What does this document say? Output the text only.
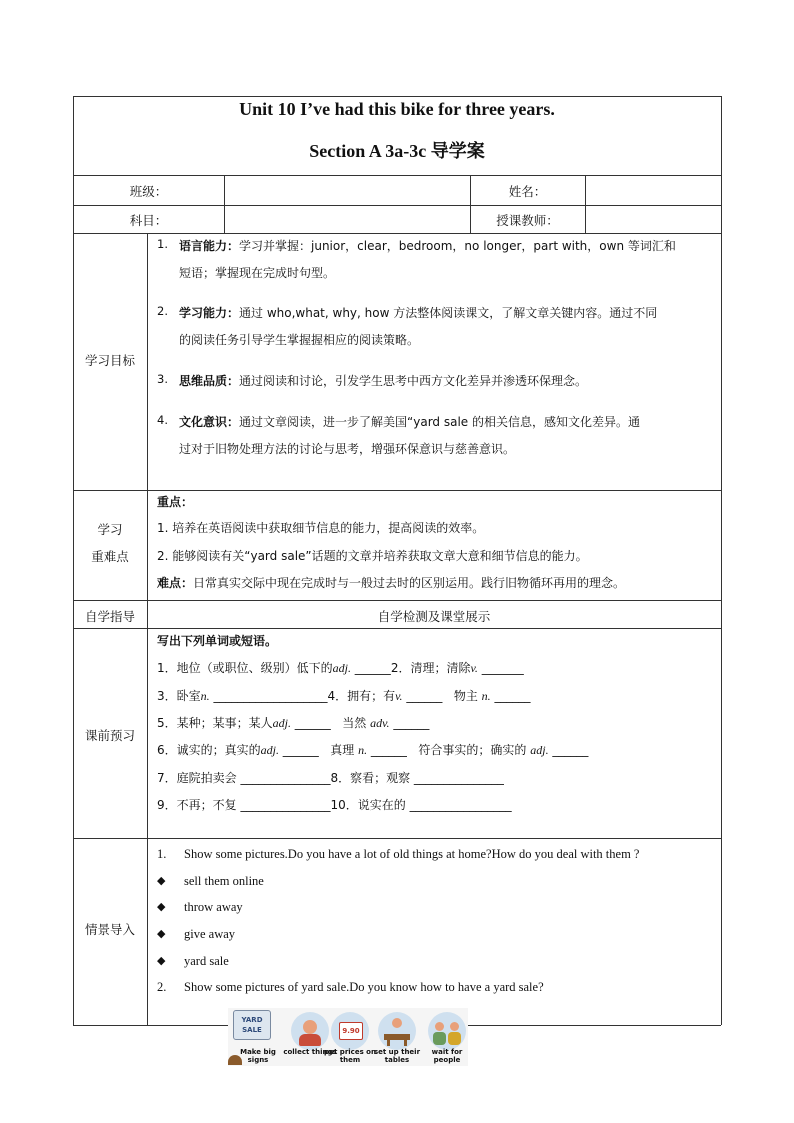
Unit 10 I’ve had this bike for three years.
Section A 3a-3c 导学案
班级：	姓名：
科目：	授课教师：
学习目标
1. 语言能力：学习并掌握：junior，clear，bedroom，no longer，part with，own 等词汇和
短语；掌握现在完成时句型。
2. 学习能力：通过 who,what, why, how 方法整体阅读课文，了解文章关键内容。通过不同
的阅读任务引导学生掌握握相应的阅读策略。
3. 思维品质：通过阅读和讨论，引发学生思考中西方文化差异并渗透环保理念。
4. 文化意识：通过文章阅读，进一步了解美国“yard sale 的相关信息，感知文化差异。通
过对于旧物处理方法的讨论与思考，增强环保意识与慈善意识。
学习
重难点
重点：
1. 培养在英语阅读中获取细节信息的能力，提高阅读的效率。
2. 能够阅读有关“yard sale”话题的文章并培养获取文章大意和细节信息的能力。
难点：日常真实交际中现在完成时与一般过去时的区别运用。践行旧物循环再用的理念。
自学指导	自学检测及课堂展示
课前预习
写出下列单词或短语。
1．地位（或职位、级别）低下的adj. ______2．清理；清除v. _______
3．卧室n. ___________________4．拥有；有v. ______ 物主 n. ______
5．某种；某事；某人adj. ______ 当然 adv. ______
6．诚实的；真实的adj. ______ 真理 n. ______ 符合事实的；确实的 adj. ______
7．庭院拍卖会 _______________8．察看；观察 _______________
9．不再；不复 _______________10．说实在的 _________________
情景导入
1. Show some pictures.Do you have a lot of old things at home?How do you deal with them ?
◆ sell them online
◆ throw away
◆ give away
◆ yard sale
2. Show some pictures of yard sale.Do you know how to have a yard sale?
YARD SALE
Make big signs
collect things
9.90
put prices on them
set up their tables
wait for people
